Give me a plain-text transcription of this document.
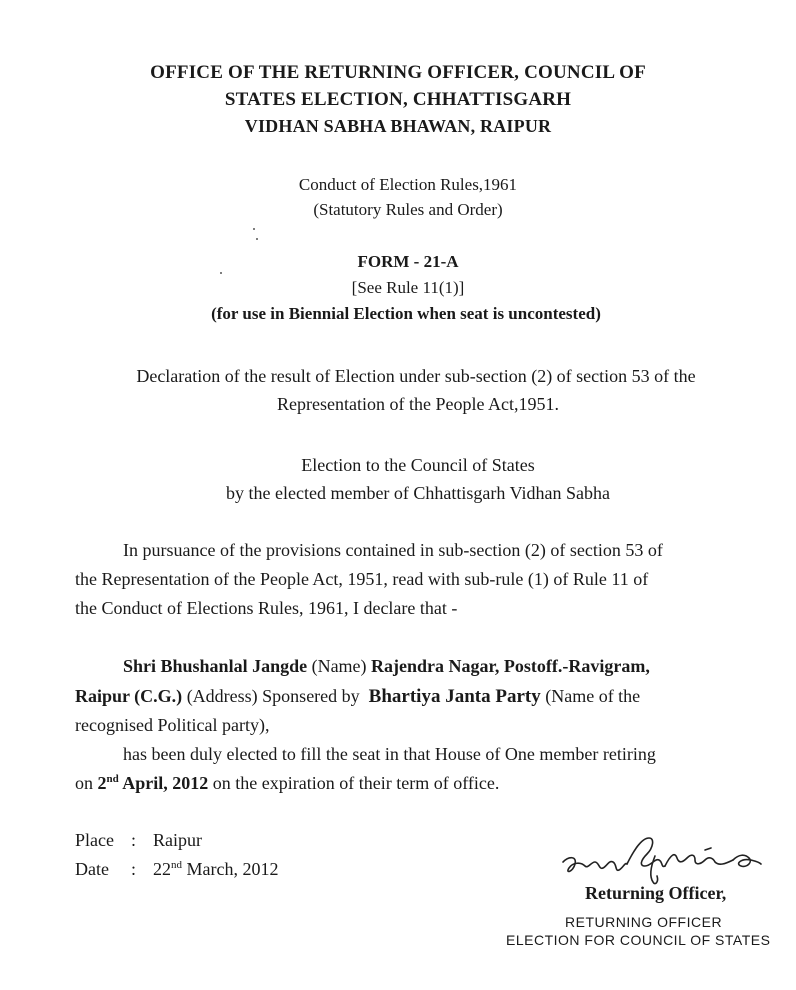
OFFICE OF THE RETURNING OFFICER, COUNCIL OF
STATES ELECTION, CHHATTISGARH
VIDHAN SABHA BHAWAN, RAIPUR
Conduct of Election Rules,1961
(Statutory Rules and Order)
FORM - 21-A
[See Rule 11(1)]
(for use in Biennial Election when seat is uncontested)
Declaration of the result of Election under sub-section (2) of section 53 of the
Representation of the People Act,1951.
Election to the Council of States
by the elected member of Chhattisgarh Vidhan Sabha
In pursuance of the provisions contained in sub-section (2) of section 53 of
the Representation of the People Act, 1951, read with sub-rule (1) of Rule 11 of
the Conduct of Elections Rules, 1961, I declare that -
Shri Bhushanlal Jangde (Name) Rajendra Nagar, Postoff.-Ravigram,
Raipur (C.G.) (Address) Sponsered by Bhartiya Janta Party (Name of the
recognised Political party),
has been duly elected to fill the seat in that House of One member retiring
on 2nd April, 2012 on the expiration of their term of office.
Place : Raipur
Date	: 22nd March, 2012
Returning Officer,
RETURNING OFFICER
ELECTION FOR COUNCIL OF STATES
